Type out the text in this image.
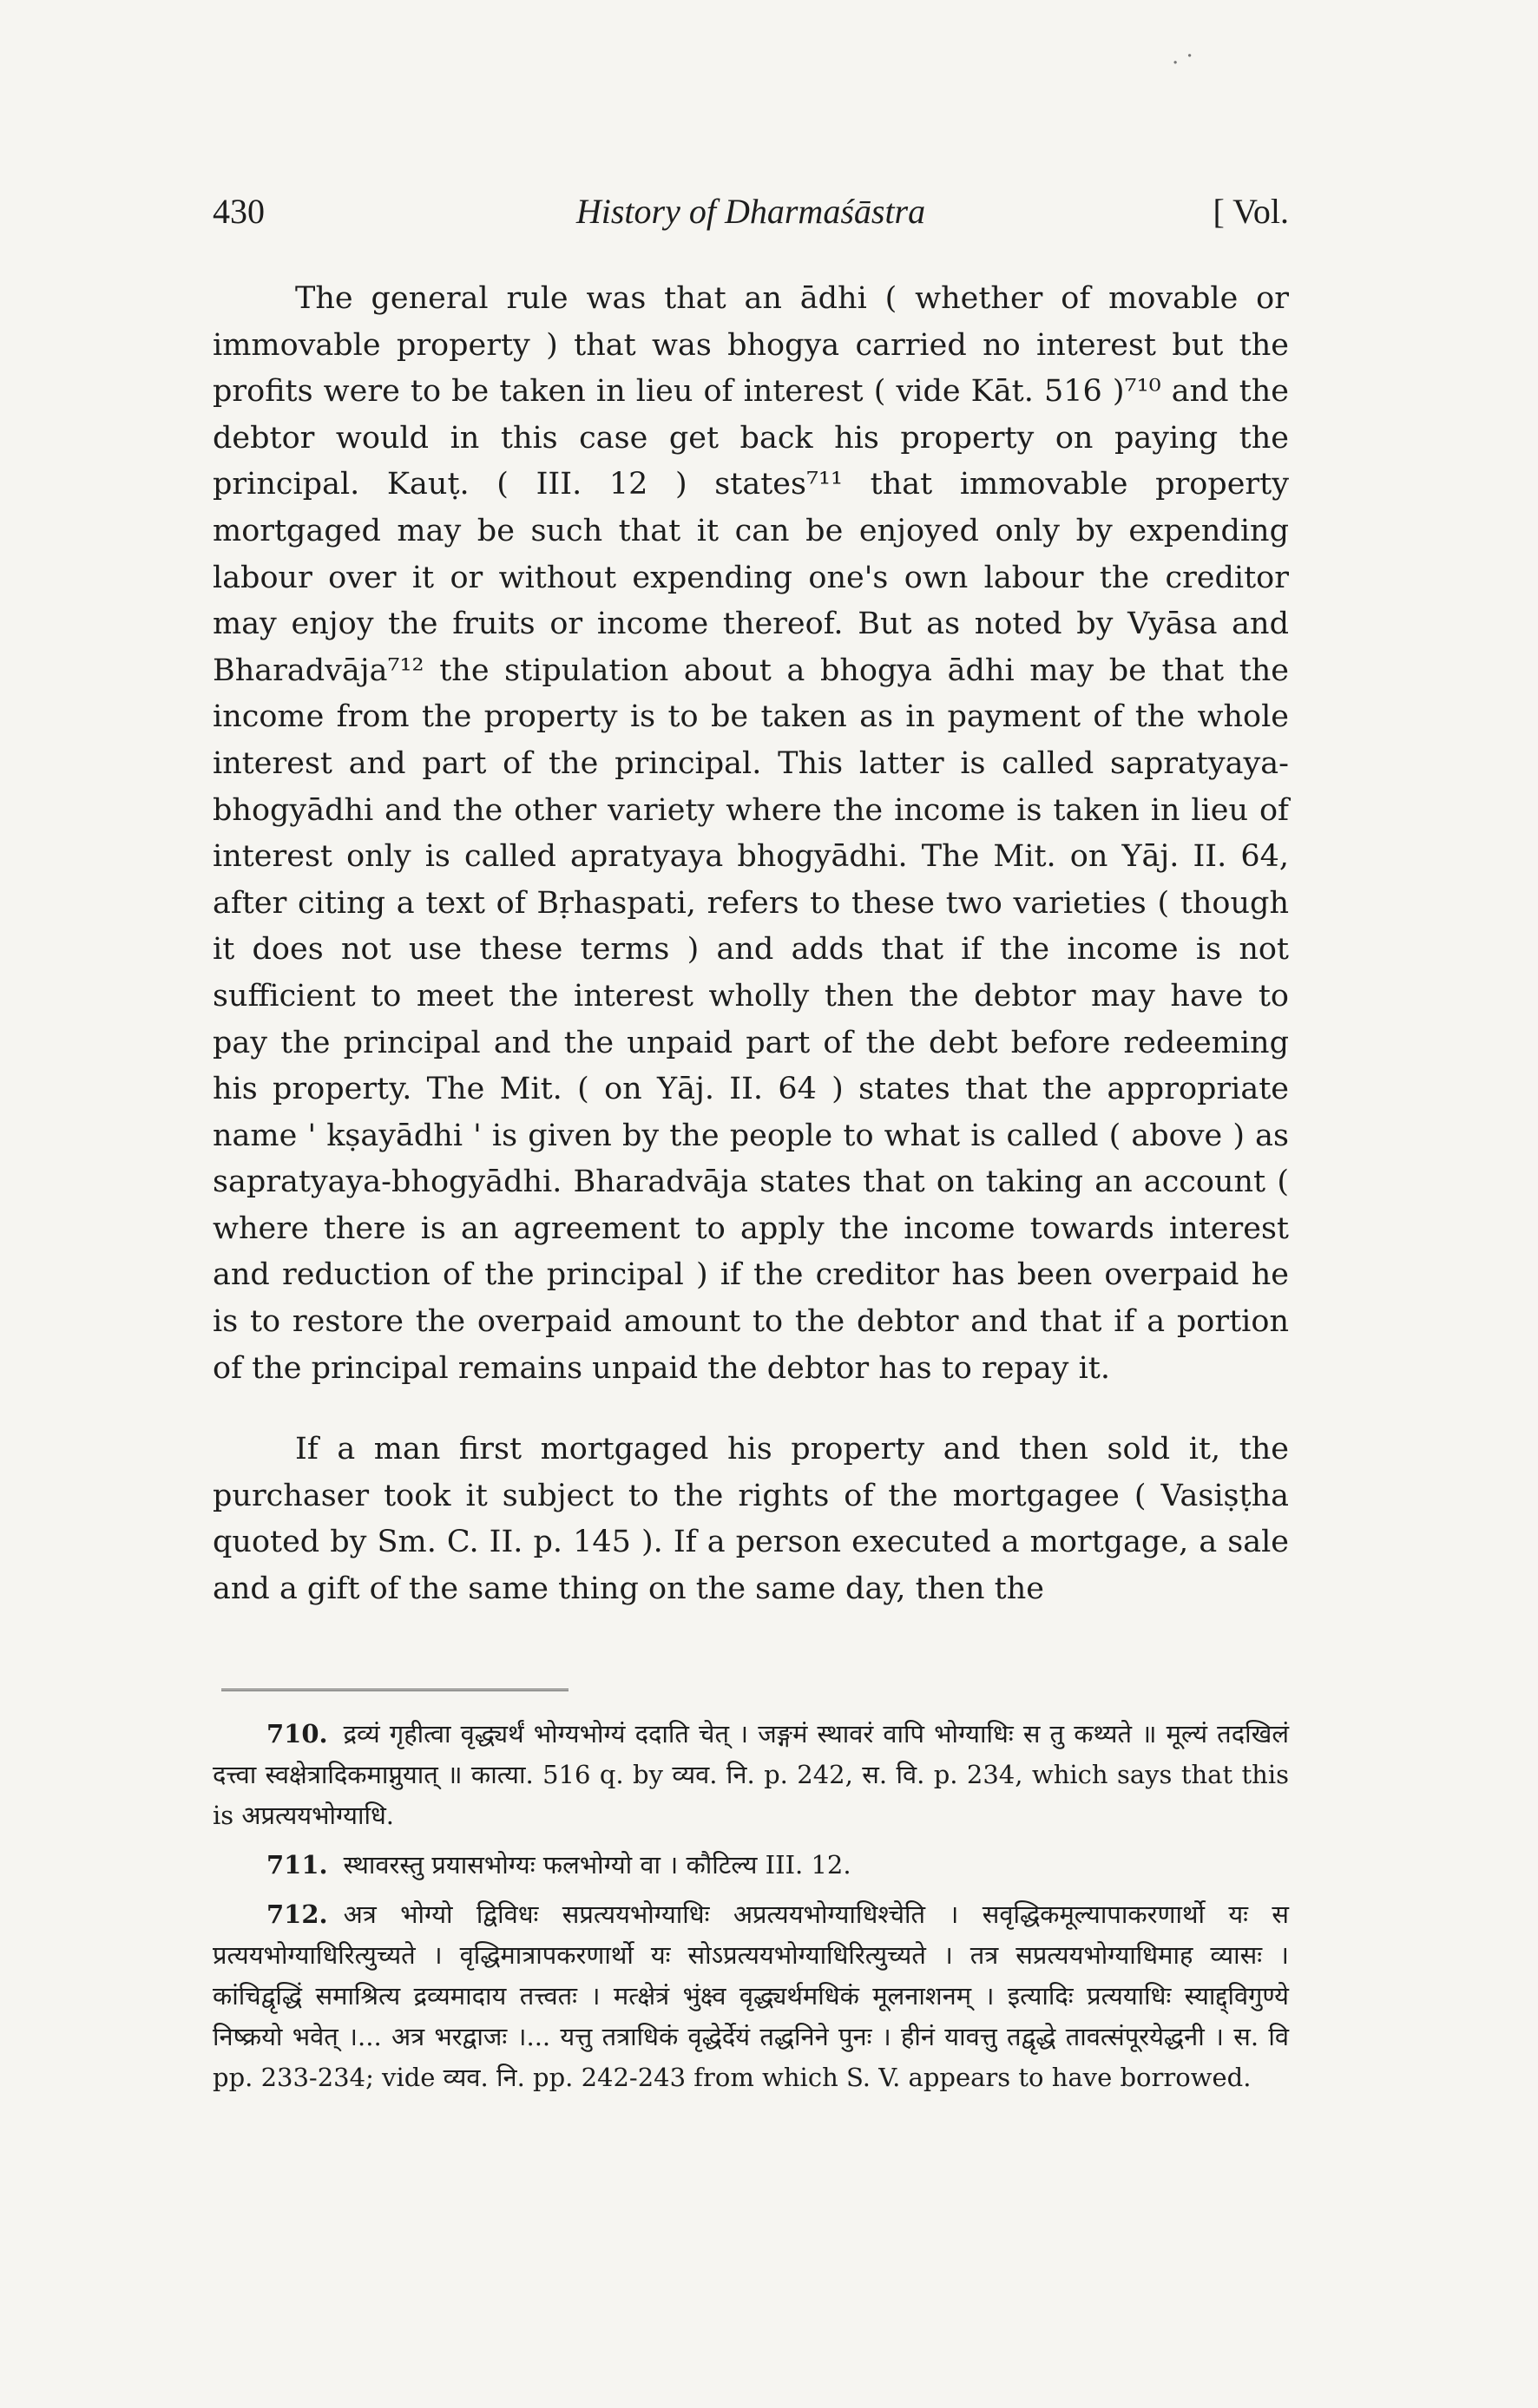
. ·
430	History of Dharmaśāstra	[ Vol.

The general rule was that an ādhi ( whether of movable or immovable property ) that was bhogya carried no interest but the profits were to be taken in lieu of interest ( vide Kāt. 516 )⁷¹⁰ and the debtor would in this case get back his property on paying the principal. Kauṭ. ( III. 12 ) states⁷¹¹ that immovable property mortgaged may be such that it can be enjoyed only by expending labour over it or without expending one's own labour the creditor may enjoy the fruits or income thereof. But as noted by Vyāsa and Bharadvāja⁷¹² the stipulation about a bhogya ādhi may be that the income from the property is to be taken as in payment of the whole interest and part of the principal. This latter is called sapratyaya-bhogyādhi and the other variety where the income is taken in lieu of interest only is called apratyaya bhogyādhi. The Mit. on Yāj. II. 64, after citing a text of Bṛhaspati, refers to these two varieties ( though it does not use these terms ) and adds that if the income is not sufficient to meet the interest wholly then the debtor may have to pay the principal and the unpaid part of the debt before redeeming his property. The Mit. ( on Yāj. II. 64 ) states that the appropriate name ' kṣayādhi ' is given by the people to what is called ( above ) as sapratyaya-bhogyādhi. Bharadvāja states that on taking an account ( where there is an agreement to apply the income towards interest and reduction of the principal ) if the creditor has been overpaid he is to restore the overpaid amount to the debtor and that if a portion of the principal remains unpaid the debtor has to repay it.

If a man first mortgaged his property and then sold it, the purchaser took it subject to the rights of the mortgagee ( Vasiṣṭha quoted by Sm. C. II. p. 145 ). If a person executed a mortgage, a sale and a gift of the same thing on the same day, then the

710. द्रव्यं गृहीत्वा वृद्ध्यर्थं भोग्यभोग्यं ददाति चेत् । जङ्गमं स्थावरं वापि भोग्याधिः स तु कथ्यते ॥ मूल्यं तदखिलं दत्त्वा स्वक्षेत्रादिकमाप्नुयात् ॥ कात्या. 516 q. by व्यव. नि. p. 242, स. वि. p. 234, which says that this is अप्रत्ययभोग्याधि.

711. स्थावरस्तु प्रयासभोग्यः फलभोग्यो वा । कौटिल्य III. 12.

712. अत्र भोग्यो द्विविधः सप्रत्ययभोग्याधिः अप्रत्ययभोग्याधिश्चेति । सवृद्धिकमूल्यापाकरणार्थो यः स प्रत्ययभोग्याधिरित्युच्यते । वृद्धिमात्रापकरणार्थो यः सोऽप्रत्ययभोग्याधिरित्युच्यते । तत्र सप्रत्ययभोग्याधिमाह व्यासः । कांचिद्वृद्धिं समाश्रित्य द्रव्यमादाय तत्त्वतः । मत्क्षेत्रं भुंक्ष्व वृद्ध्यर्थमधिकं मूलनाशनम् । इत्यादिः प्रत्ययाधिः स्याद्द्विगुण्ये निष्क्रयो भवेत् ।... अत्र भरद्वाजः ।... यत्तु तत्राधिकं वृद्धेर्देयं तद्धनिने पुनः । हीनं यावत्तु तद्वृद्धे तावत्संपूरयेद्धनी । स. वि pp. 233-234; vide व्यव. नि. pp. 242-243 from which S. V. appears to have borrowed.
